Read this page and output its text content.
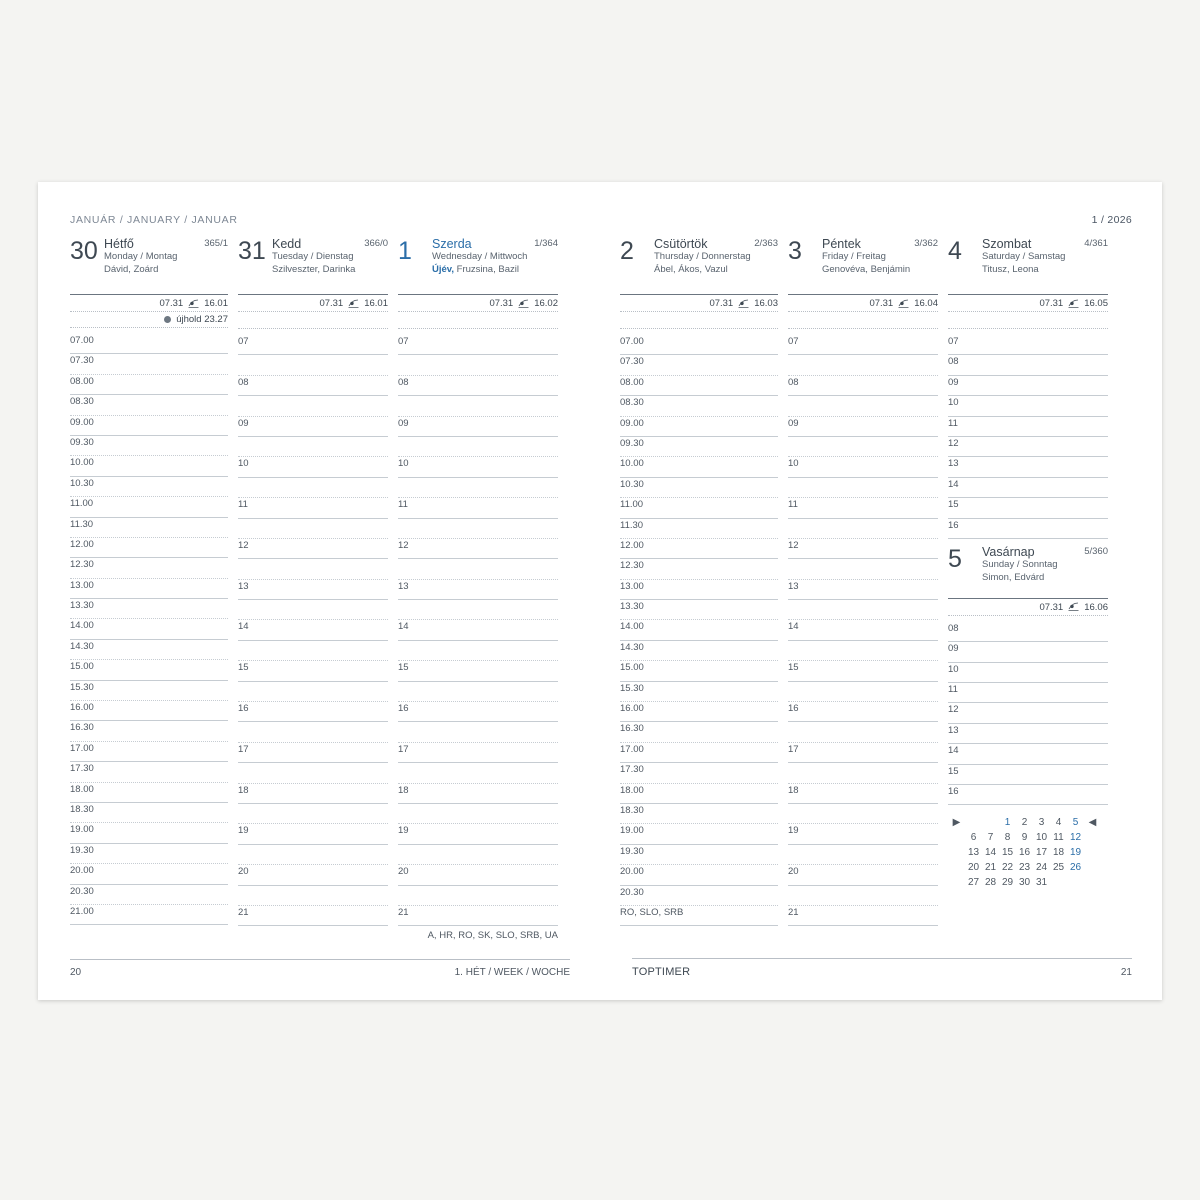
JANUÁR / JANUARY / JANUAR
30	365/1
Hétfő
Monday / Montag
Dávid, Zoárd
07.31 16.01
újhold 23.27
07.00
07.30
08.00
08.30
09.00
09.30
10.00
10.30
11.00
11.30
12.00
12.30
13.00
13.30
14.00
14.30
15.00
15.30
16.00
16.30
17.00
17.30
18.00
18.30
19.00
19.30
20.00
20.30
21.00
31	366/0
Kedd
Tuesday / Dienstag
Szilveszter, Darinka
07.31 16.01
07
08
09
10
11
12
13
14
15
16
17
18
19
20
21
1	1/364
Szerda
Wednesday / Mittwoch
Újév, Fruzsina, Bazil
07.31 16.02
07
08
09
10
11
12
13
14
15
16
17
18
19
20
21
A, HR, RO, SK, SLO, SRB, UA
20	1. HÉT / WEEK / WOCHE
1 / 2026
2	2/363
Csütörtök
Thursday / Donnerstag
Ábel, Ákos, Vazul
07.31 16.03
07.00
07.30
08.00
08.30
09.00
09.30
10.00
10.30
11.00
11.30
12.00
12.30
13.00
13.30
14.00
14.30
15.00
15.30
16.00
16.30
17.00
17.30
18.00
18.30
19.00
19.30
20.00
20.30
RO, SLO, SRB
3	3/362
Péntek
Friday / Freitag
Genovéva, Benjámin
07.31 16.04
07
08
09
10
11
12
13
14
15
16
17
18
19
20
21
4	4/361
Szombat
Saturday / Samstag
Titusz, Leona
07.31 16.05
07
08
09
10
11
12
13
14
15
16
5	5/360
Vasárnap
Sunday / Sonntag
Simon, Edvárd
07.31 16.06
08
09
10
11
12
13
14
15
16
▶			1	2	3	4	5	◀
	6	7	8	9	10	11	12	
	13	14	15	16	17	18	19	
	20	21	22	23	24	25	26	
	27	28	29	30	31			
TOPTIMER	21
